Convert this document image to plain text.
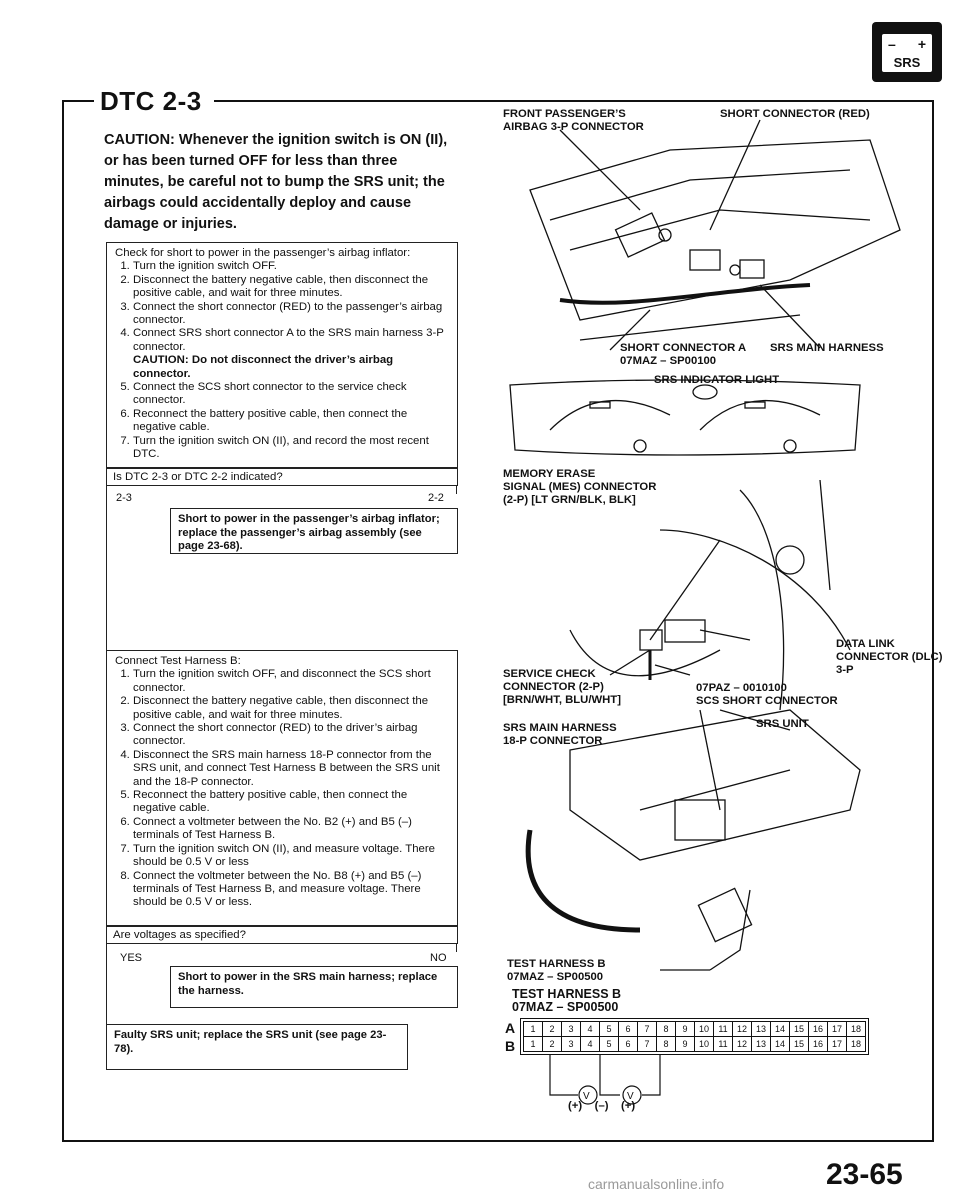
– +
SRS
DTC 2-3
CAUTION: Whenever the ignition switch is ON (II), or has been turned OFF for less than three minutes, be careful not to bump the SRS unit; the airbags could accidentally deploy and cause damage or injuries.
Check for short to power in the passenger’s airbag inflator:
1. Turn the ignition switch OFF.
2. Disconnect the battery negative cable, then disconnect the positive cable, and wait for three minutes.
3. Connect the short connector (RED) to the passenger’s airbag connector.
4. Connect SRS short connector A to the SRS main harness 3-P connector.
CAUTION: Do not disconnect the driver’s airbag connector.
5. Connect the SCS short connector to the service check connector.
6. Reconnect the battery positive cable, then connect the negative cable.
7. Turn the ignition switch ON (II), and record the most recent DTC.
Is DTC 2-3 or DTC 2-2 indicated?
2-3	2-2
Short to power in the passenger’s airbag inflator; replace the passenger’s airbag assembly (see page 23-68).
Connect Test Harness B:
1. Turn the ignition switch OFF, and disconnect the SCS short connector.
2. Disconnect the battery negative cable, then disconnect the positive cable, and wait for three minutes.
3. Connect the short connector (RED) to the driver’s airbag connector.
4. Disconnect the SRS main harness 18-P connector from the SRS unit, and connect Test Harness B between the SRS unit and the 18-P connector.
5. Reconnect the battery positive cable, then connect the negative cable.
6. Connect a voltmeter between the No. B2 (+) and B5 (–) terminals of Test Harness B.
7. Turn the ignition switch ON (II), and measure voltage. There should be 0.5 V or less
8. Connect the voltmeter between the No. B8 (+) and B5 (–) terminals of Test Harness B, and measure voltage. There should be 0.5 V or less.
Are voltages as specified?
YES	NO
Short to power in the SRS main harness; replace the harness.
Faulty SRS unit; replace the SRS unit (see page 23-78).
FRONT PASSENGER’S
AIRBAG 3-P CONNECTOR
SHORT CONNECTOR (RED)
SHORT CONNECTOR A
07MAZ – SP00100
SRS MAIN HARNESS
SRS INDICATOR LIGHT
MEMORY ERASE
SIGNAL (MES) CONNECTOR
(2-P) [LT GRN/BLK, BLK]
DATA LINK
CONNECTOR (DLC)
3-P
SERVICE CHECK
CONNECTOR (2-P)
[BRN/WHT, BLU/WHT]
07PAZ – 0010100
SCS SHORT CONNECTOR
SRS MAIN HARNESS
18-P CONNECTOR
SRS UNIT
TEST HARNESS B
07MAZ – SP00500
TEST HARNESS B
07MAZ – SP00500
A
B
1	2	3	4	5	6	7	8	9	10	11	12	13	14	15	16	17	18
1	2	3	4	5	6	7	8	9	10	11	12	13	14	15	16	17	18
V	V
(+)    (–)    (+)
23-65
carmanualsonline.info
